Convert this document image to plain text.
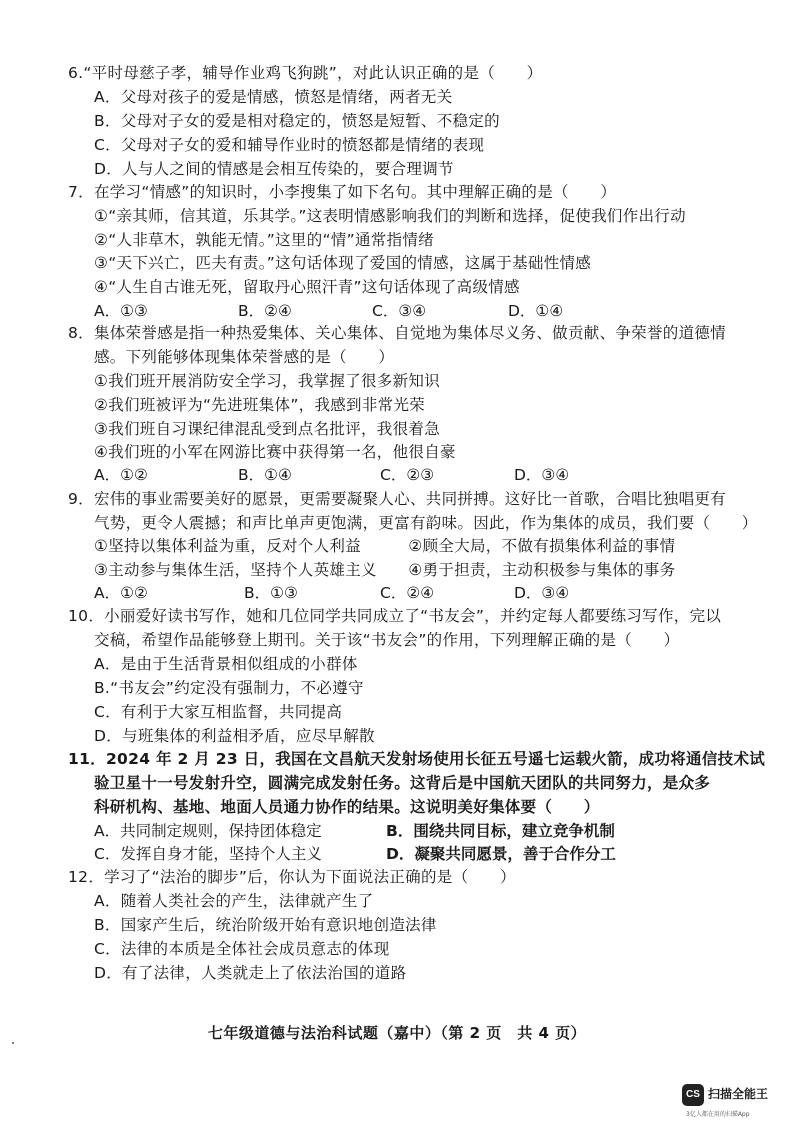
6.“平时母慈子孝，辅导作业鸡飞狗跳”，对此认识正确的是（　　）
A．父母对孩子的爱是情感，愤怒是情绪，两者无关
B．父母对子女的爱是相对稳定的，愤怒是短暂、不稳定的
C．父母对子女的爱和辅导作业时的愤怒都是情绪的表现
D．人与人之间的情感是会相互传染的，要合理调节
7．在学习“情感”的知识时，小李搜集了如下名句。其中理解正确的是（　　）
①“亲其师，信其道，乐其学。”这表明情感影响我们的判断和选择，促使我们作出行动
②“人非草木，孰能无情。”这里的“情”通常指情绪
③“天下兴亡，匹夫有责。”这句话体现了爱国的情感，这属于基础性情感
④“人生自古谁无死，留取丹心照汗青”这句话体现了高级情感
A．①③	B．②④	C．③④	D．①④
8．集体荣誉感是指一种热爱集体、关心集体、自觉地为集体尽义务、做贡献、争荣誉的道德情
感。下列能够体现集体荣誉感的是（　　）
①我们班开展消防安全学习，我掌握了很多新知识
②我们班被评为“先进班集体”，我感到非常光荣
③我们班自习课纪律混乱受到点名批评，我很着急
④我们班的小军在网游比赛中获得第一名，他很自豪
A．①②	B．①④	C．②③	D．③④
9．宏伟的事业需要美好的愿景，更需要凝聚人心、共同拼搏。这好比一首歌，合唱比独唱更有
气势，更令人震撼；和声比单声更饱满，更富有韵味。因此，作为集体的成员，我们要（　　）
①坚持以集体利益为重，反对个人利益　　　②顾全大局，不做有损集体利益的事情
③主动参与集体生活，坚持个人英雄主义　　④勇于担责，主动积极参与集体的事务
A．①②	B．①③	C．②④	D．③④
10．小丽爱好读书写作，她和几位同学共同成立了“书友会”，并约定每人都要练习写作，完以
交稿，希望作品能够登上期刊。关于该“书友会”的作用，下列理解正确的是（　　）
A．是由于生活背景相似组成的小群体
B.“书友会”约定没有强制力，不必遵守
C．有利于大家互相监督，共同提高
D．与班集体的利益相矛盾，应尽早解散
11．2024 年 2 月 23 日，我国在文昌航天发射场使用长征五号遥七运载火箭，成功将通信技术试
验卫星十一号发射升空，圆满完成发射任务。这背后是中国航天团队的共同努力，是众多
科研机构、基地、地面人员通力协作的结果。这说明美好集体要（　　）
A．共同制定规则，保持团体稳定	B．围绕共同目标，建立竞争机制
C．发挥自身才能，坚持个人主义	D．凝聚共同愿景，善于合作分工
12．学习了“法治的脚步”后，你认为下面说法正确的是（　　）
A．随着人类社会的产生，法律就产生了
B．国家产生后，统治阶级开始有意识地创造法律
C．法律的本质是全体社会成员意志的体现
D．有了法律，人类就走上了依法治国的道路
七年级道德与法治科试题（嘉中）（第 2 页　共 4 页）
CS 扫描全能王
3亿人都在用的扫描App
